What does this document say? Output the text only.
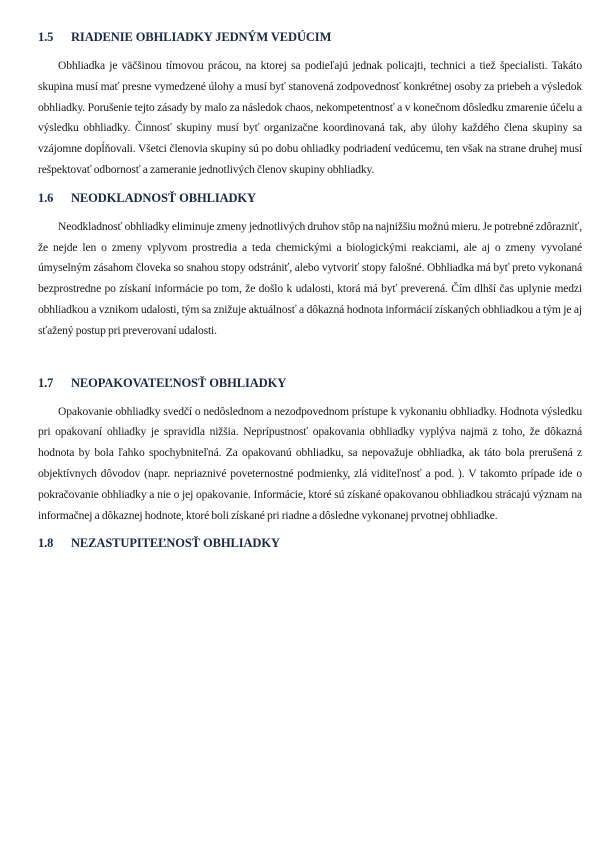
1.5 RIADENIE OBHLIADKY JEDNÝM VEDÚCIM

Obhliadka je väčšinou tímovou prácou, na ktorej sa podieľajú jednak policajti, technici a tiež špecialisti. Takáto skupina musí mať presne vymedzené úlohy a musí byť stanovená zodpovednosť konkrétnej osoby za priebeh a výsledok obhliadky. Porušenie tejto zásady by malo za následok chaos, nekompetentnosť a v konečnom dôsledku zmarenie účelu a výsledku obhliadky. Činnosť skupiny musí byť organizačne koordinovaná tak, aby úlohy každého člena skupiny sa vzájomne dopĺňovali. Všetci členovia skupiny sú po dobu ohliadky podriadení vedúcemu, ten však na strane druhej musí rešpektovať odbornosť a zameranie jednotlivých členov skupiny obhliadky.

1.6 NEODKLADNOSŤ OBHLIADKY

Neodkladnosť obhliadky eliminuje zmeny jednotlivých druhov stôp na najnižšiu možnú mieru. Je potrebné zdôrazniť, že nejde len o zmeny vplyvom prostredia a teda chemickými a biologickými reakciami, ale aj o zmeny vyvolané úmyselným zásahom človeka so snahou stopy odstrániť, alebo vytvoriť stopy falošné. Obhliadka má byť preto vykonaná bezprostredne po získaní informácie po tom, že došlo k udalosti, ktorá má byť preverená. Čím dlhší čas uplynie medzi obhliadkou a vznikom udalosti, tým sa znižuje aktuálnosť a dôkazná hodnota informácií získaných obhliadkou a tým je aj sťažený postup pri preverovaní udalosti.

1.7 NEOPAKOVATEĽNOSŤ OBHLIADKY

Opakovanie obhliadky svedčí o nedôslednom a nezodpovednom prístupe k vykonaniu obhliadky. Hodnota výsledku pri opakovaní ohliadky je spravidla nižšia. Neprípustnosť opakovania obhliadky vyplýva najmä z toho, že dôkazná hodnota by bola ľahko spochybniteľná. Za opakovanú obhliadku, sa nepovažuje obhliadka, ak táto bola prerušená z objektívnych dôvodov (napr. nepriaznivé poveternostné podmienky, zlá viditeľnosť a pod. ). V takomto prípade ide o pokračovanie obhliadky a nie o jej opakovanie. Informácie, ktoré sú získané opakovanou obhliadkou strácajú význam na informačnej a dôkaznej hodnote, ktoré boli získané pri riadne a dôsledne vykonanej prvotnej obhliadke.

1.8 NEZASTUPITEĽNOSŤ OBHLIADKY
